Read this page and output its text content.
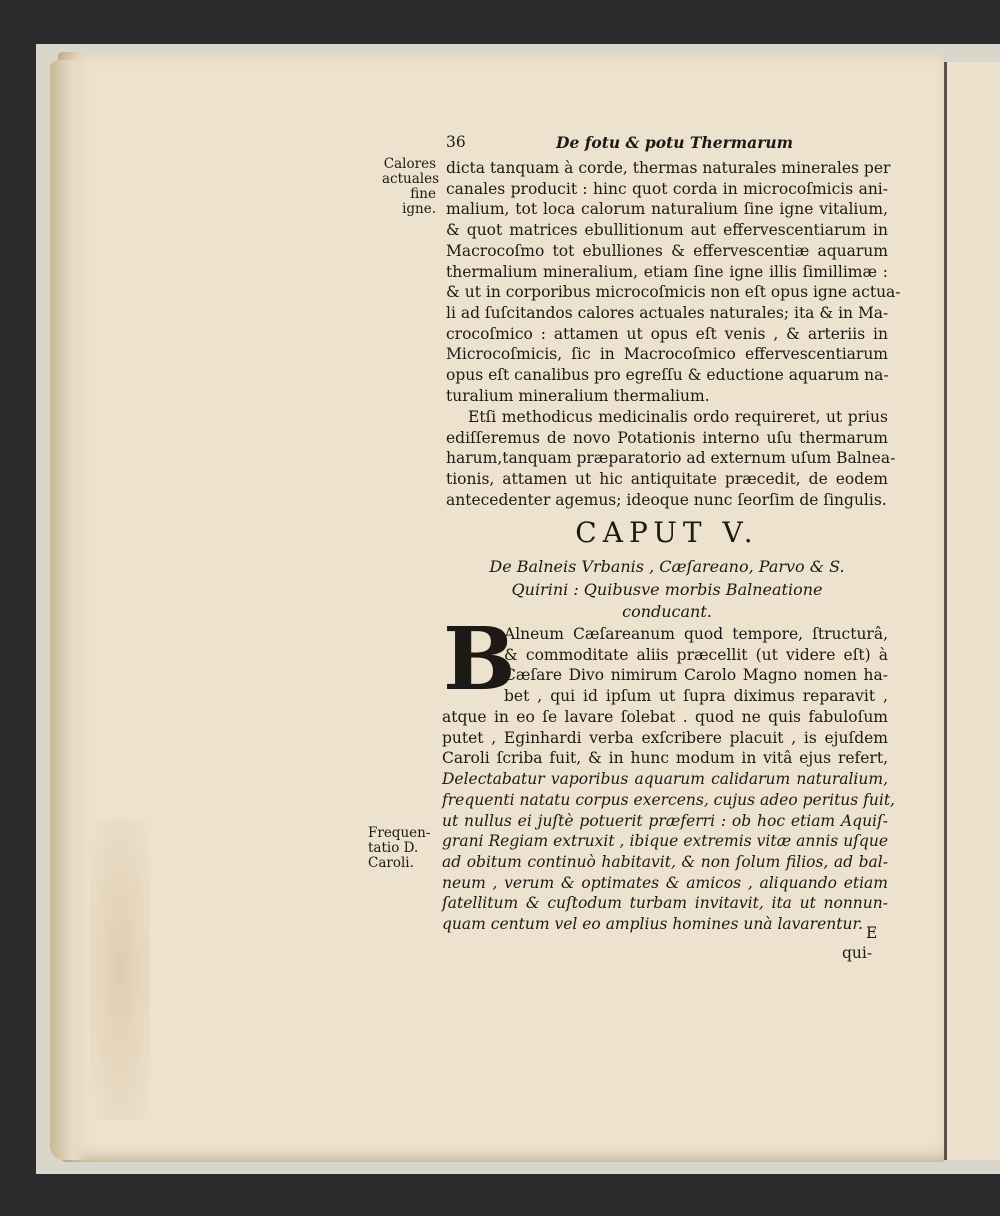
36	De fotu & potu Thermarum
Calores
actuales
fine igne.
Frequen-
tatio D.
Caroli.
dicta tanquam à corde, thermas naturales minerales per
canales producit : hinc quot corda in microcoſmicis ani-
malium, tot loca calorum naturalium ſine igne vitalium,
& quot matrices ebullitionum aut effervescentiarum in
Macrocoſmo tot ebulliones & effervescentiæ aquarum
thermalium mineralium, etiam ſine igne illis ſimillimæ :
& ut in corporibus microcoſmicis non eſt opus igne actua-
li ad ſuſcitandos calores actuales naturales; ita & in Ma-
crocoſmico : attamen ut opus eſt venis , & arteriis in
Microcoſmicis, ſic in Macrocoſmico effervescentiarum
opus eſt canalibus pro egreſſu & eductione aquarum na-
turalium mineralium thermalium.
Etſi methodicus medicinalis ordo requireret, ut prius
ediſſeremus de novo Potationis interno uſu thermarum
harum,tanquam præparatorio ad externum uſum Balnea-
tionis, attamen ut hic antiquitate præcedit, de eodem
antecedenter agemus; ideoque nunc ſeorſim de ſingulis.
CAPUT V.
De Balneis Vrbanis , Cæſareano, Parvo & S.
Quirini : Quibusve morbis Balneatione
conducant.
B
Alneum Cæſareanum quod tempore, ſtructurâ,
& commoditate aliis præcellit (ut videre eſt) à
Cæſare Divo nimirum Carolo Magno nomen ha-
bet , qui id ipſum ut ſupra diximus reparavit ,
atque in eo ſe lavare ſolebat . quod ne quis fabuloſum
putet , Eginhardi verba exſcribere placuit , is ejuſdem
Caroli ſcriba fuit, & in hunc modum in vitâ ejus refert,
Delectabatur vaporibus aquarum calidarum naturalium,
frequenti natatu corpus exercens, cujus adeo peritus fuit,
ut nullus ei juſtè potuerit præferri : ob hoc etiam Aquiſ-
grani Regiam extruxit , ibique extremis vitæ annis uſque
ad obitum continuò habitavit, & non ſolum filios, ad bal-
neum , verum & optimates & amicos , aliquando etiam
ſatellitum & cuſtodum turbam invitavit, ita ut nonnun-
quam centum vel eo amplius homines unà lavarentur. E
qui-
